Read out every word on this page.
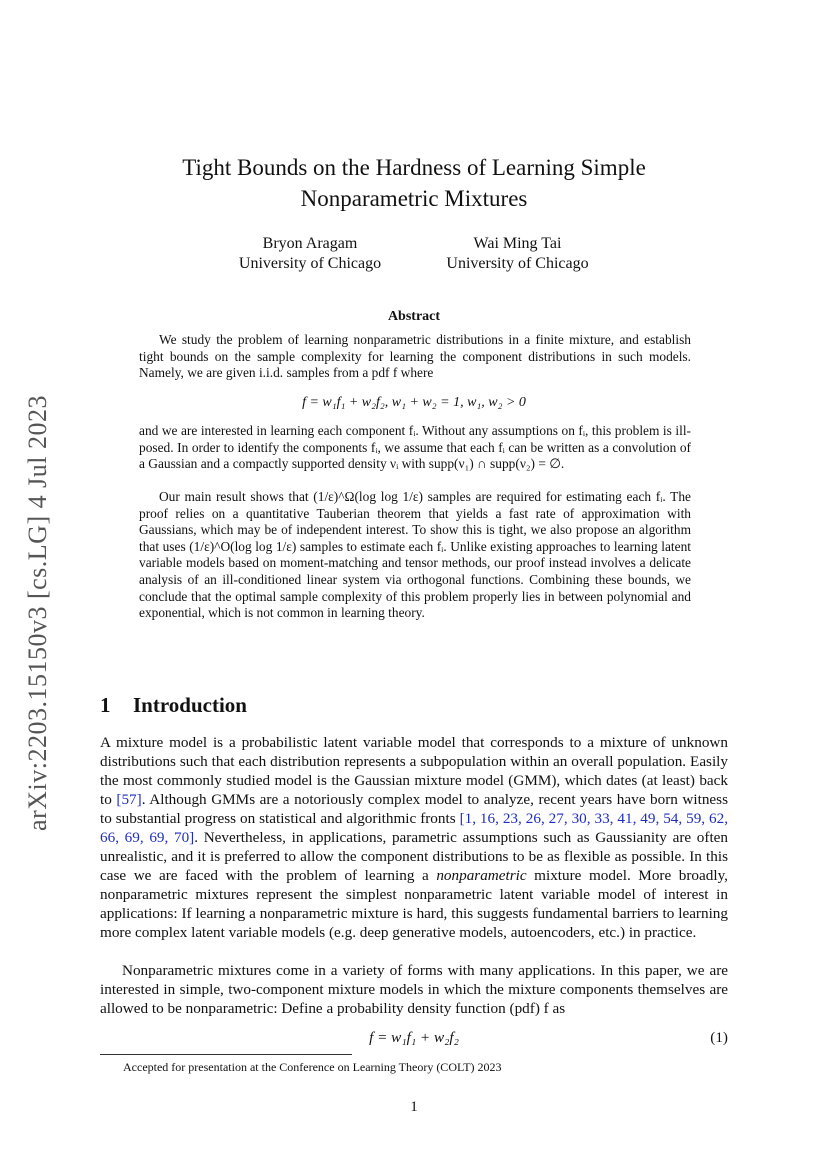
arXiv:2203.15150v3 [cs.LG] 4 Jul 2023
Tight Bounds on the Hardness of Learning Simple
Nonparametric Mixtures
Bryon Aragam
University of Chicago
Wai Ming Tai
University of Chicago
Abstract
We study the problem of learning nonparametric distributions in a finite mixture, and establish tight bounds on the sample complexity for learning the component distributions in such models. Namely, we are given i.i.d. samples from a pdf f where
f = w₁f₁ + w₂f₂, w₁ + w₂ = 1, w₁, w₂ > 0
and we are interested in learning each component fᵢ. Without any assumptions on fᵢ, this problem is ill-posed. In order to identify the components fᵢ, we assume that each fᵢ can be written as a convolution of a Gaussian and a compactly supported density νᵢ with supp(ν₁) ∩ supp(ν₂) = ∅.
Our main result shows that (1/ε)^Ω(log log 1/ε) samples are required for estimating each fᵢ. The proof relies on a quantitative Tauberian theorem that yields a fast rate of approximation with Gaussians, which may be of independent interest. To show this is tight, we also propose an algorithm that uses (1/ε)^O(log log 1/ε) samples to estimate each fᵢ. Unlike existing approaches to learning latent variable models based on moment-matching and tensor methods, our proof instead involves a delicate analysis of an ill-conditioned linear system via orthogonal functions. Combining these bounds, we conclude that the optimal sample complexity of this problem properly lies in between polynomial and exponential, which is not common in learning theory.
1 Introduction
A mixture model is a probabilistic latent variable model that corresponds to a mixture of unknown distributions such that each distribution represents a subpopulation within an overall population. Easily the most commonly studied model is the Gaussian mixture model (GMM), which dates (at least) back to [57]. Although GMMs are a notoriously complex model to analyze, recent years have born witness to substantial progress on statistical and algorithmic fronts [1, 16, 23, 26, 27, 30, 33, 41, 49, 54, 59, 62, 66, 69, 69, 70]. Nevertheless, in applications, parametric assumptions such as Gaussianity are often unrealistic, and it is preferred to allow the component distributions to be as flexible as possible. In this case we are faced with the problem of learning a nonparametric mixture model. More broadly, nonparametric mixtures represent the simplest nonparametric latent variable model of interest in applications: If learning a nonparametric mixture is hard, this suggests fundamental barriers to learning more complex latent variable models (e.g. deep generative models, autoencoders, etc.) in practice.
Nonparametric mixtures come in a variety of forms with many applications. In this paper, we are interested in simple, two-component mixture models in which the mixture components themselves are allowed to be nonparametric: Define a probability density function (pdf) f as
f = w₁f₁ + w₂f₂	(1)
Accepted for presentation at the Conference on Learning Theory (COLT) 2023
1
